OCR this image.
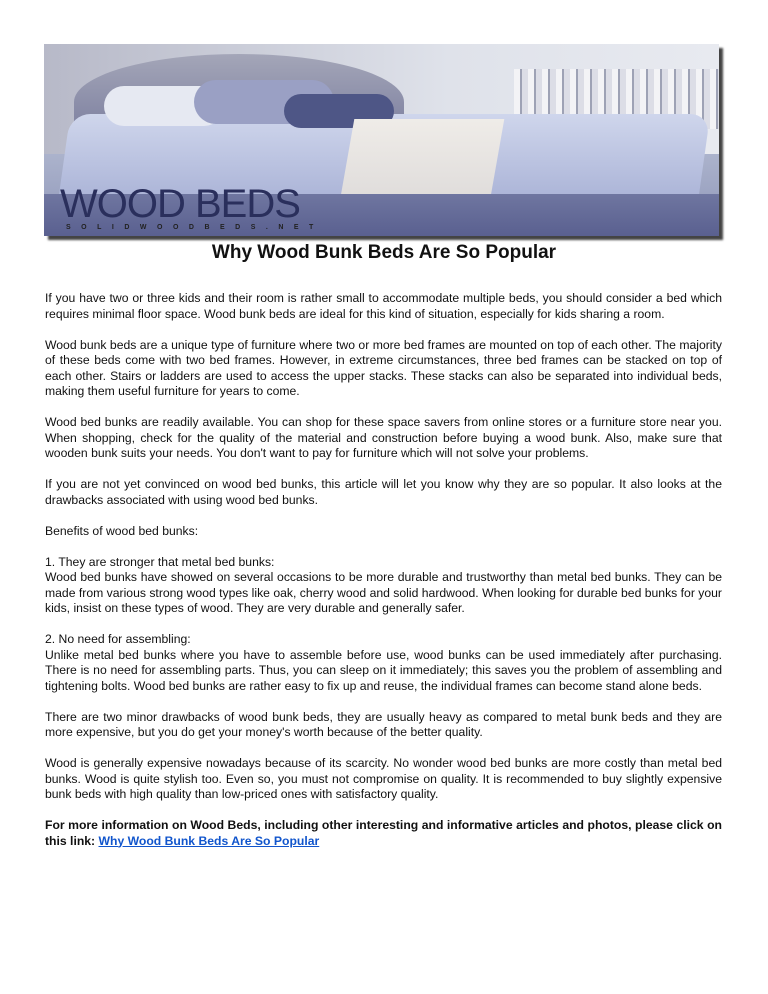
WOOD BEDS
SOLIDWOODBEDS.NET
Why Wood Bunk Beds Are So Popular

If you have two or three kids and their room is rather small to accommodate multiple beds, you should consider a bed which requires minimal floor space. Wood bunk beds are ideal for this kind of situation, especially for kids sharing a room.

Wood bunk beds are a unique type of furniture where two or more bed frames are mounted on top of each other. The majority of these beds come with two bed frames. However, in extreme circumstances, three bed frames can be stacked on top of each other. Stairs or ladders are used to access the upper stacks. These stacks can also be separated into individual beds, making them useful furniture for years to come.

Wood bed bunks are readily available. You can shop for these space savers from online stores or a furniture store near you. When shopping, check for the quality of the material and construction before buying a wood bunk. Also, make sure that wooden bunk suits your needs. You don't want to pay for furniture which will not solve your problems.

If you are not yet convinced on wood bed bunks, this article will let you know why they are so popular. It also looks at the drawbacks associated with using wood bed bunks.

Benefits of wood bed bunks:

1. They are stronger that metal bed bunks:
Wood bed bunks have showed on several occasions to be more durable and trustworthy than metal bed bunks. They can be made from various strong wood types like oak, cherry wood and solid hardwood. When looking for durable bed bunks for your kids, insist on these types of wood. They are very durable and generally safer.

2. No need for assembling:
Unlike metal bed bunks where you have to assemble before use, wood bunks can be used immediately after purchasing. There is no need for assembling parts. Thus, you can sleep on it immediately; this saves you the problem of assembling and tightening bolts. Wood bed bunks are rather easy to fix up and reuse, the individual frames can become stand alone beds.

There are two minor drawbacks of wood bunk beds, they are usually heavy as compared to metal bunk beds and they are more expensive, but you do get your money's worth because of the better quality.

Wood is generally expensive nowadays because of its scarcity. No wonder wood bed bunks are more costly than metal bed bunks. Wood is quite stylish too. Even so, you must not compromise on quality. It is recommended to buy slightly expensive bunk beds with high quality than low-priced ones with satisfactory quality.

For more information on Wood Beds, including other interesting and informative articles and photos, please click on this link: Why Wood Bunk Beds Are So Popular
